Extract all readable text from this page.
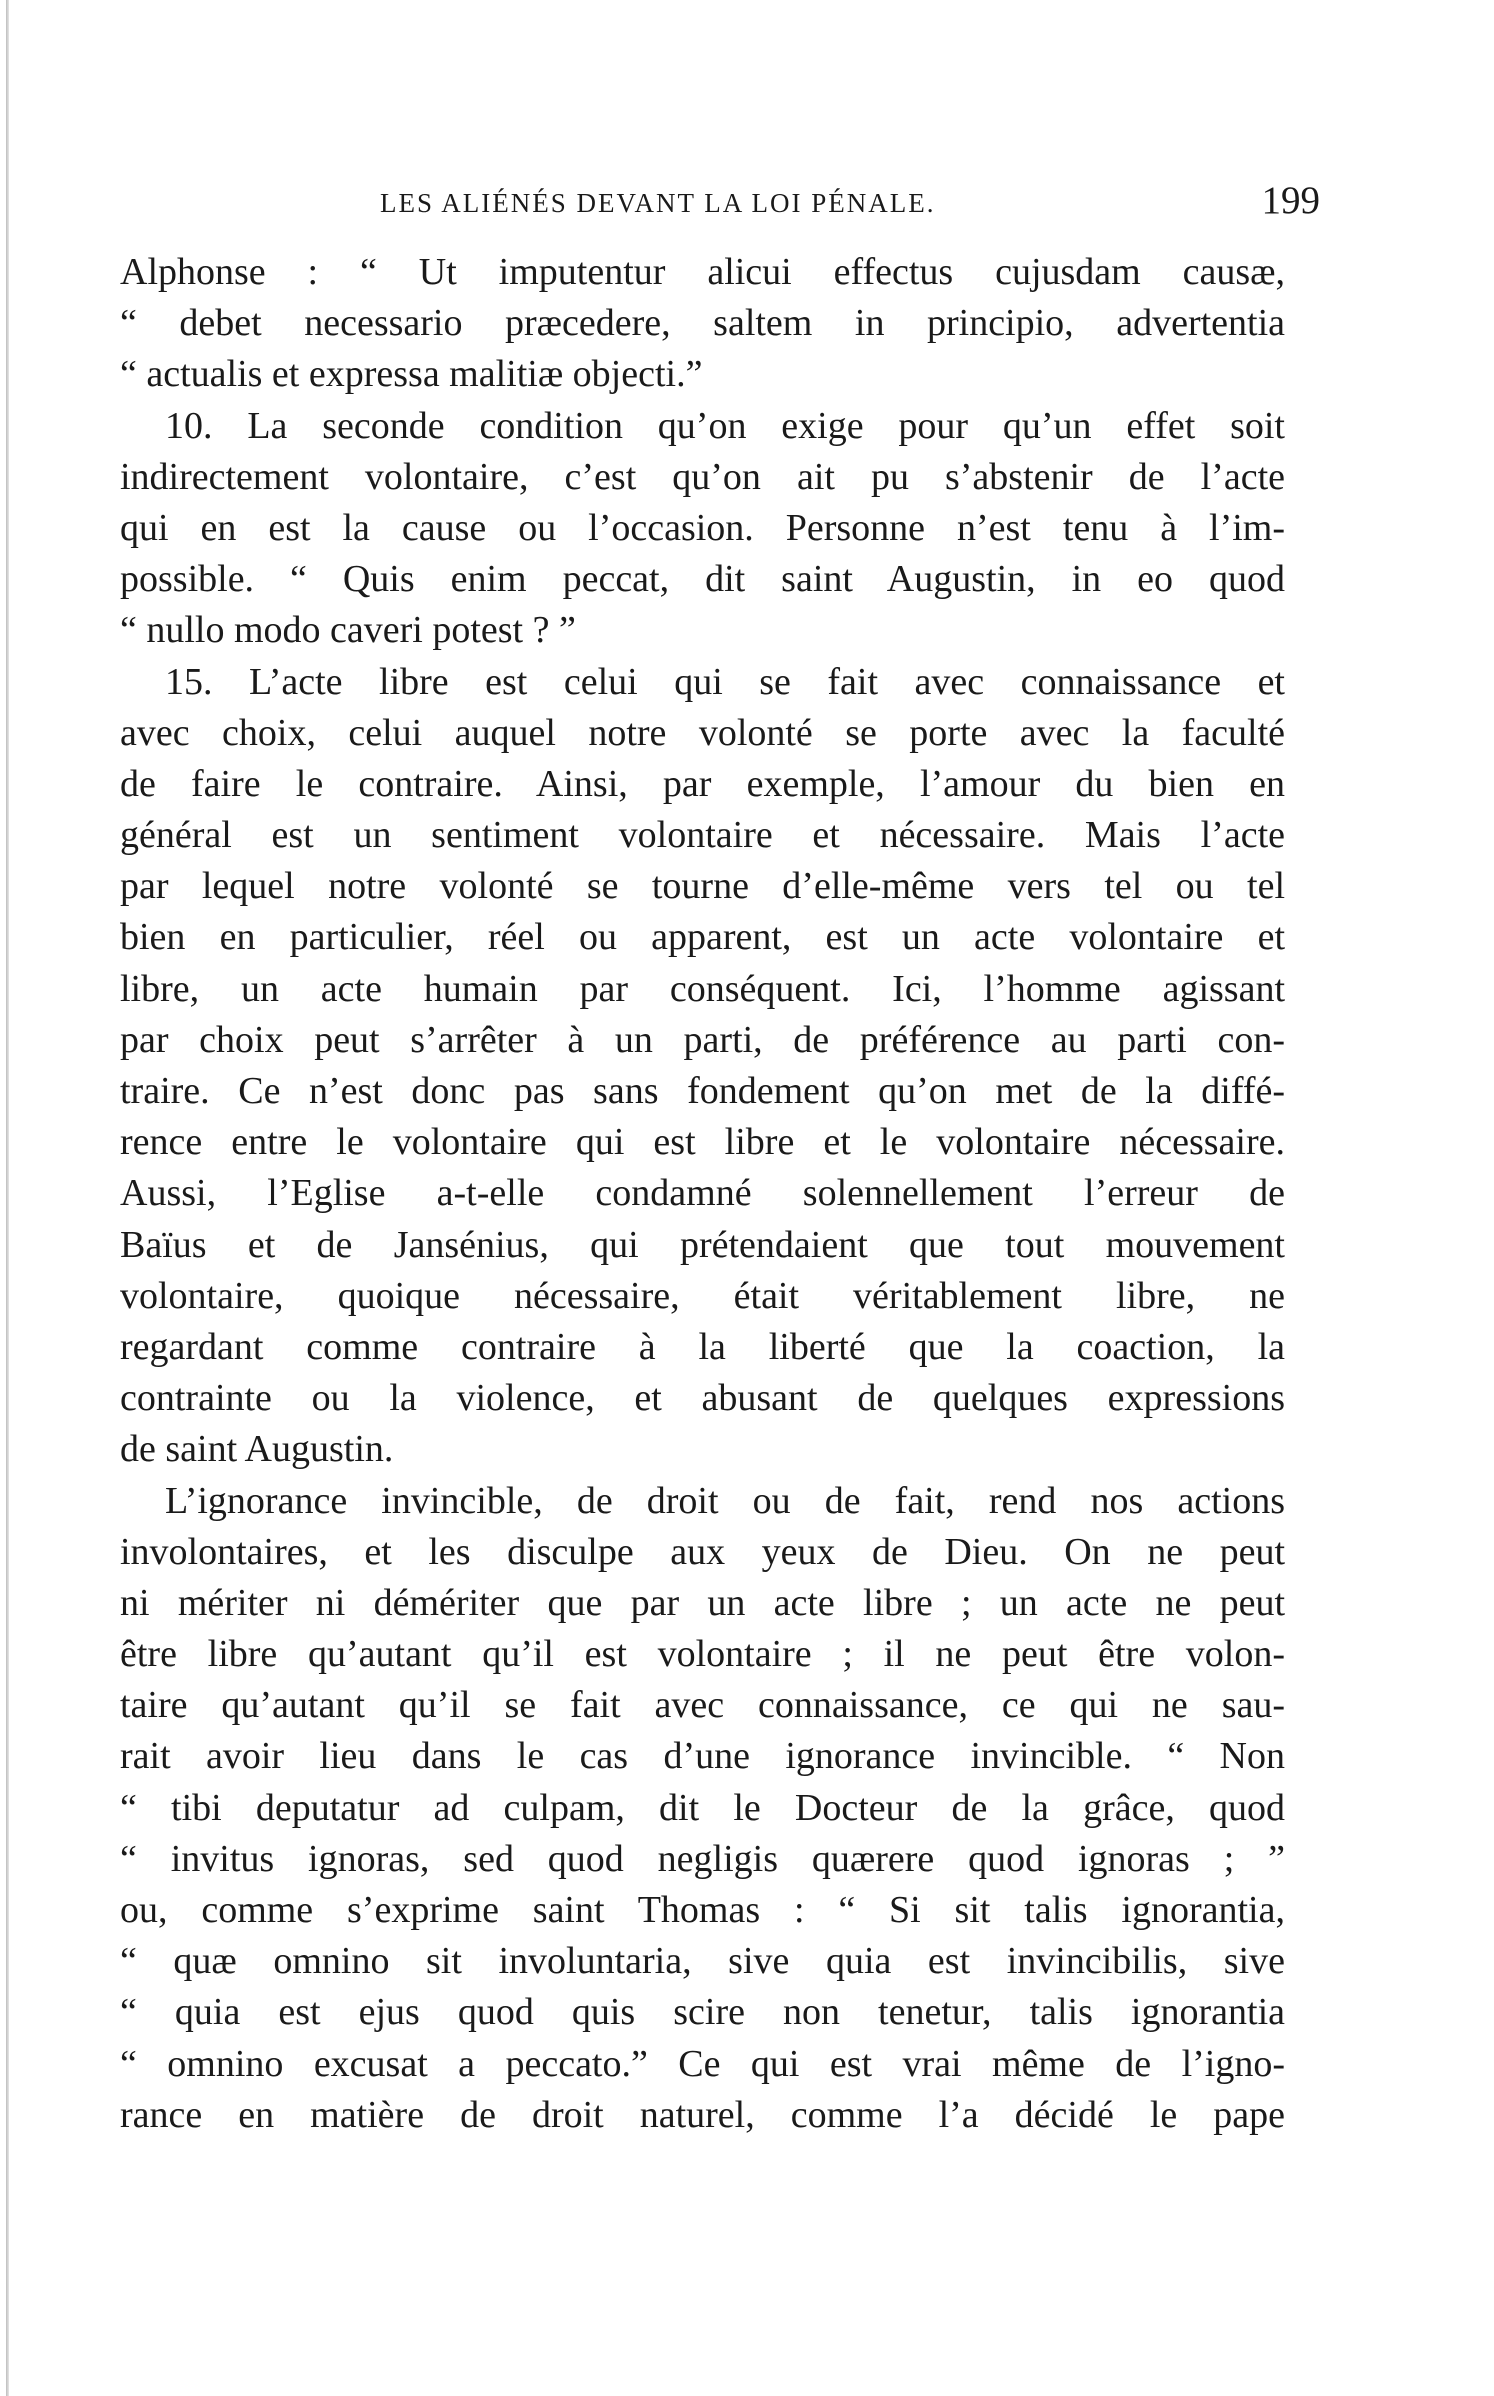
LES ALIÉNÉS DEVANT LA LOI PÉNALE.	199
Alphonse : “ Ut imputentur alicui effectus cujusdam causæ,
“ debet necessario præcedere, saltem in principio, advertentia
“ actualis et expressa malitiæ objecti.”
10. La seconde condition qu’on exige pour qu’un effet soit
indirectement volontaire, c’est qu’on ait pu s’abstenir de l’acte
qui en est la cause ou l’occasion. Personne n’est tenu à l’im-
possible. “ Quis enim peccat, dit saint Augustin, in eo quod
“ nullo modo caveri potest ? ”
15. L’acte libre est celui qui se fait avec connaissance et
avec choix, celui auquel notre volonté se porte avec la faculté
de faire le contraire. Ainsi, par exemple, l’amour du bien en
général est un sentiment volontaire et nécessaire. Mais l’acte
par lequel notre volonté se tourne d’elle-même vers tel ou tel
bien en particulier, réel ou apparent, est un acte volontaire et
libre, un acte humain par conséquent. Ici, l’homme agissant
par choix peut s’arrêter à un parti, de préférence au parti con-
traire. Ce n’est donc pas sans fondement qu’on met de la diffé-
rence entre le volontaire qui est libre et le volontaire nécessaire.
Aussi, l’Eglise a-t-elle condamné solennellement l’erreur de
Baïus et de Jansénius, qui prétendaient que tout mouvement
volontaire, quoique nécessaire, était véritablement libre, ne
regardant comme contraire à la liberté que la coaction, la
contrainte ou la violence, et abusant de quelques expressions
de saint Augustin.
L’ignorance invincible, de droit ou de fait, rend nos actions
involontaires, et les disculpe aux yeux de Dieu. On ne peut
ni mériter ni démériter que par un acte libre ; un acte ne peut
être libre qu’autant qu’il est volontaire ; il ne peut être volon-
taire qu’autant qu’il se fait avec connaissance, ce qui ne sau-
rait avoir lieu dans le cas d’une ignorance invincible. “ Non
“ tibi deputatur ad culpam, dit le Docteur de la grâce, quod
“ invitus ignoras, sed quod negligis quærere quod ignoras ; ”
ou, comme s’exprime saint Thomas : “ Si sit talis ignorantia,
“ quæ omnino sit involuntaria, sive quia est invincibilis, sive
“ quia est ejus quod quis scire non tenetur, talis ignorantia
“ omnino excusat a peccato.” Ce qui est vrai même de l’igno-
rance en matière de droit naturel, comme l’a décidé le pape
